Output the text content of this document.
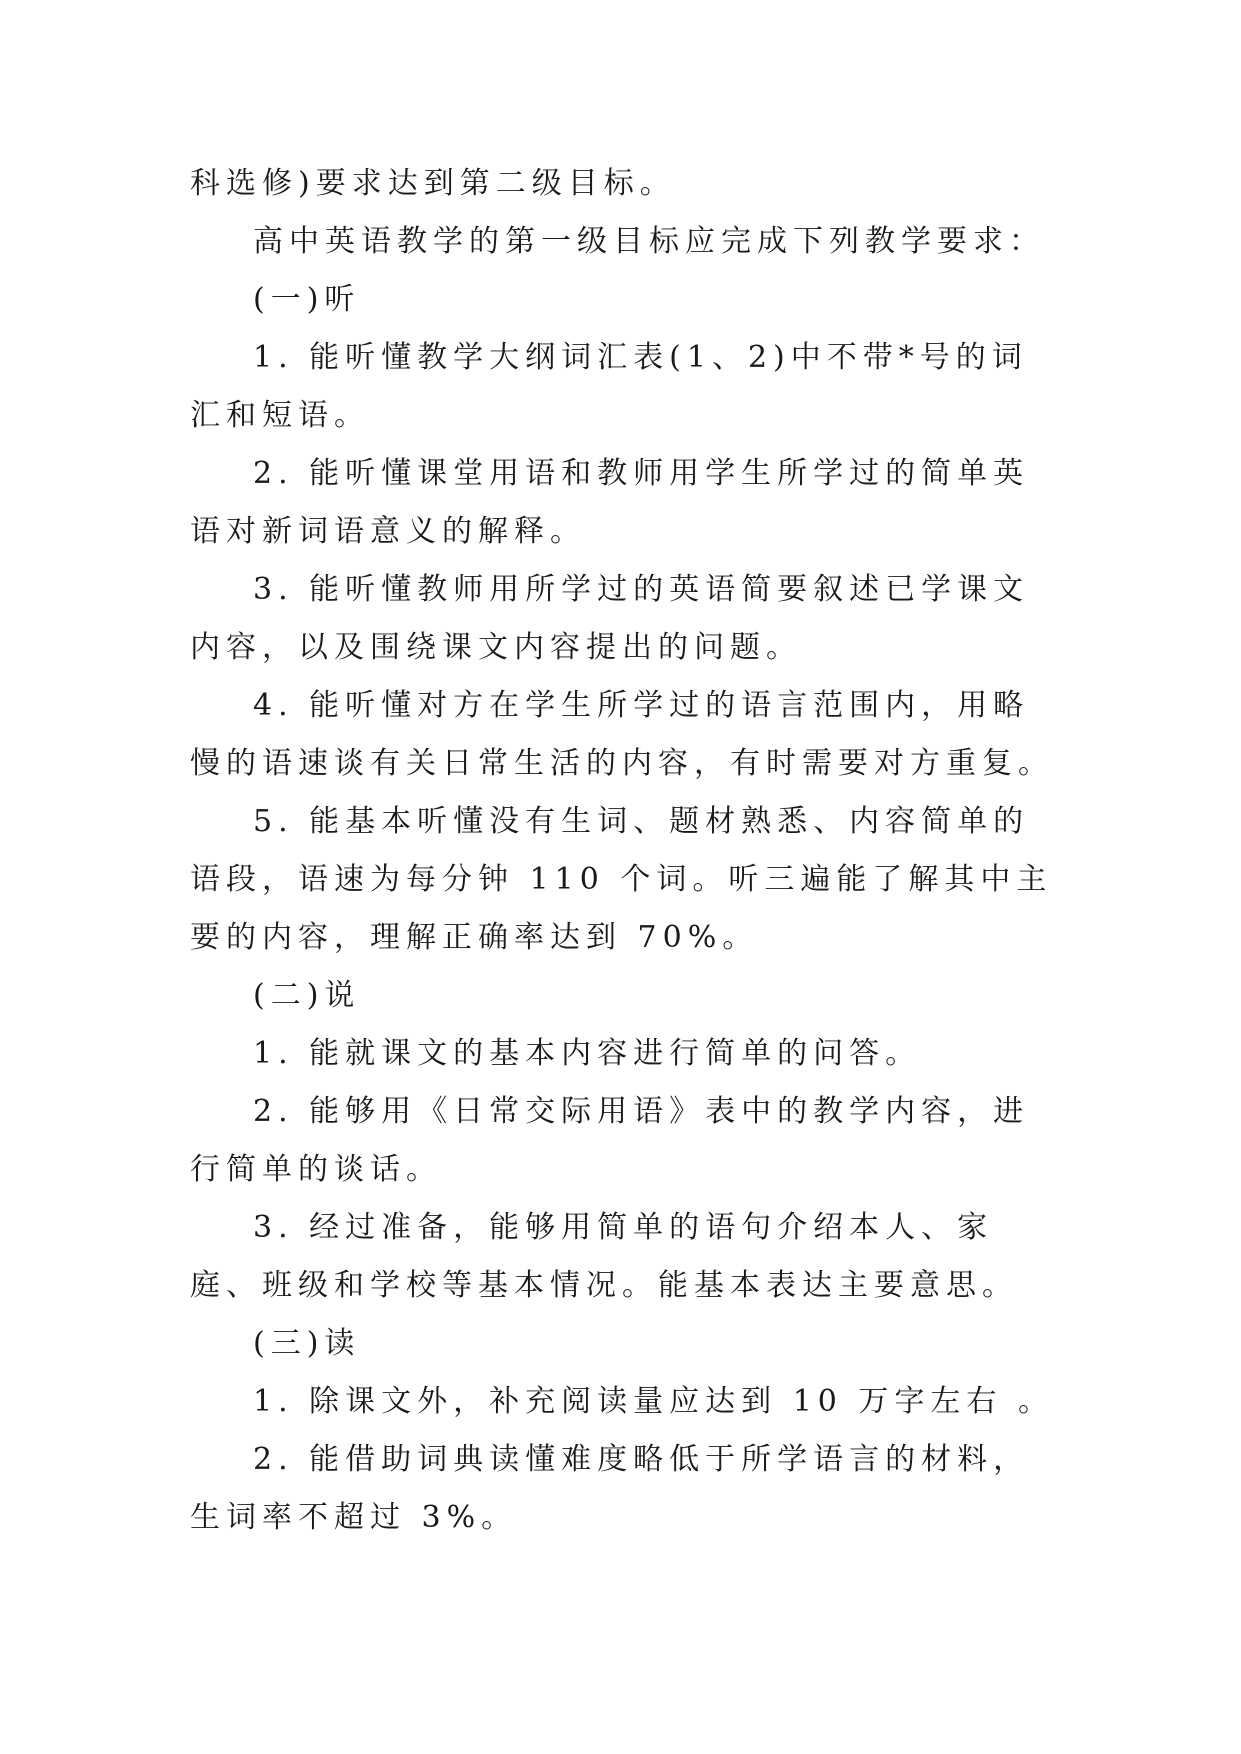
科选修)要求达到第二级目标。

高中英语教学的第一级目标应完成下列教学要求：

(一)听

1. 能听懂教学大纲词汇表(1、2)中不带*号的词汇和短语。

2. 能听懂课堂用语和教师用学生所学过的简单英语对新词语意义的解释。

3. 能听懂教师用所学过的英语简要叙述已学课文内容，以及围绕课文内容提出的问题。

4. 能听懂对方在学生所学过的语言范围内，用略慢的语速谈有关日常生活的内容，有时需要对方重复。

5. 能基本听懂没有生词、题材熟悉、内容简单的语段，语速为每分钟 110 个词。听三遍能了解其中主要的内容，理解正确率达到 70%。

(二)说

1. 能就课文的基本内容进行简单的问答。

2. 能够用《日常交际用语》表中的教学内容，进行简单的谈话。

3. 经过准备，能够用简单的语句介绍本人、家庭、班级和学校等基本情况。能基本表达主要意思。

(三)读

1. 除课文外，补充阅读量应达到 10 万字左右 。

2. 能借助词典读懂难度略低于所学语言的材料，生词率不超过 3%。
